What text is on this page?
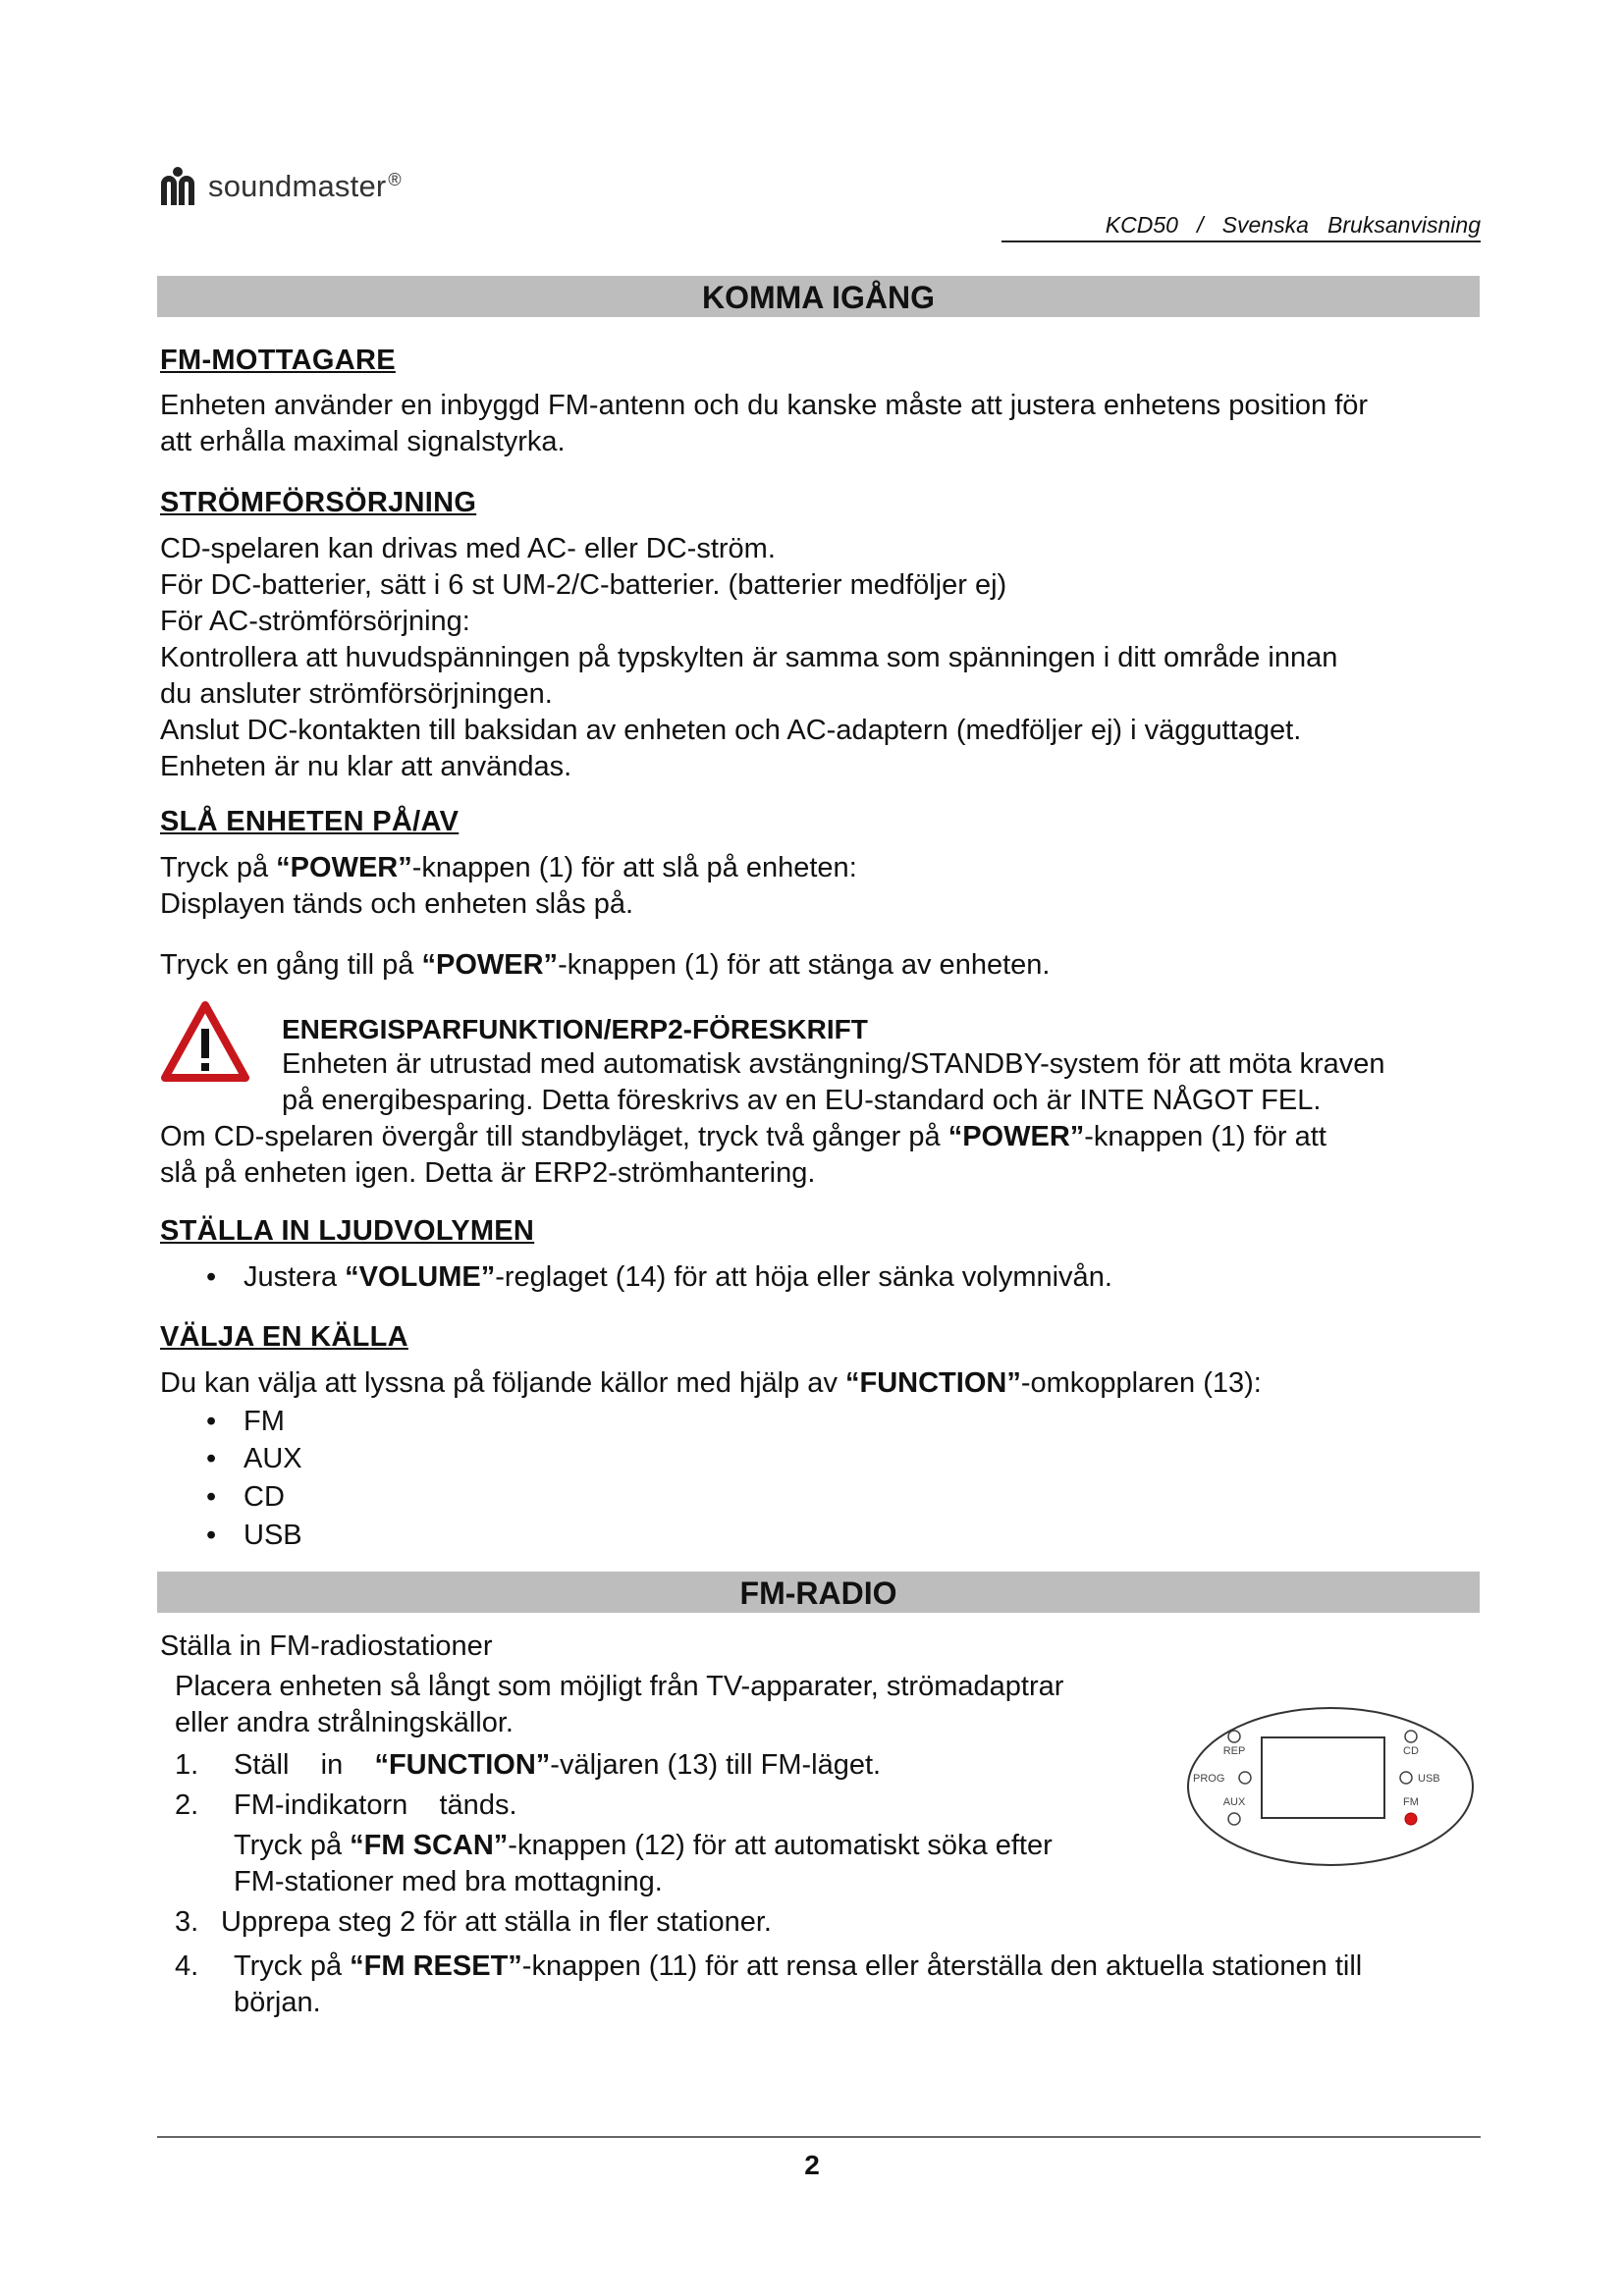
soundmaster ®
KCD50   /   Svenska   Bruksanvisning
KOMMA IGÅNG
FM-MOTTAGARE
Enheten använder en inbyggd FM-antenn och du kanske måste att justera enhetens position för
att erhålla maximal signalstyrka.
STRÖMFÖRSÖRJNING
CD-spelaren kan drivas med AC- eller DC-ström.
För DC-batterier, sätt i 6 st UM-2/C-batterier. (batterier medföljer ej)
För AC-strömförsörjning:
Kontrollera att huvudspänningen på typskylten är samma som spänningen i ditt område innan
du ansluter strömförsörjningen.
Anslut DC-kontakten till baksidan av enheten och AC-adaptern (medföljer ej) i vägguttaget.
Enheten är nu klar att användas.
SLÅ ENHETEN PÅ/AV
Tryck på “POWER”-knappen (1) för att slå på enheten:
Displayen tänds och enheten slås på.
Tryck en gång till på “POWER”-knappen (1) för att stänga av enheten.
ENERGISPARFUNKTION/ERP2-FÖRESKRIFT
Enheten är utrustad med automatisk avstängning/STANDBY-system för att möta kraven
på energibesparing. Detta föreskrivs av en EU-standard och är INTE NÅGOT FEL.
Om CD-spelaren övergår till standbyläget, tryck två gånger på “POWER”-knappen (1) för att
slå på enheten igen. Detta är ERP2-strömhantering.
STÄLLA IN LJUDVOLYMEN
• Justera “VOLUME”-reglaget (14) för att höja eller sänka volymnivån.
VÄLJA EN KÄLLA
Du kan välja att lyssna på följande källor med hjälp av “FUNCTION”-omkopplaren (13):
• FM
• AUX
• CD
• USB
FM-RADIO
Ställa in FM-radiostationer
Placera enheten så långt som möjligt från TV-apparater, strömadaptrar
eller andra strålningskällor.
1. Ställ    in    “FUNCTION”-väljaren (13) till FM-läget.
2. FM-indikatorn    tänds.
Tryck på “FM SCAN”-knappen (12) för att automatiskt söka efter
FM-stationer med bra mottagning.
3. Upprepa steg 2 för att ställa in fler stationer.
4. Tryck på “FM RESET”-knappen (11) för att rensa eller återställa den aktuella stationen till
början.
REP	CD
PROG	USB
AUX	FM
2
